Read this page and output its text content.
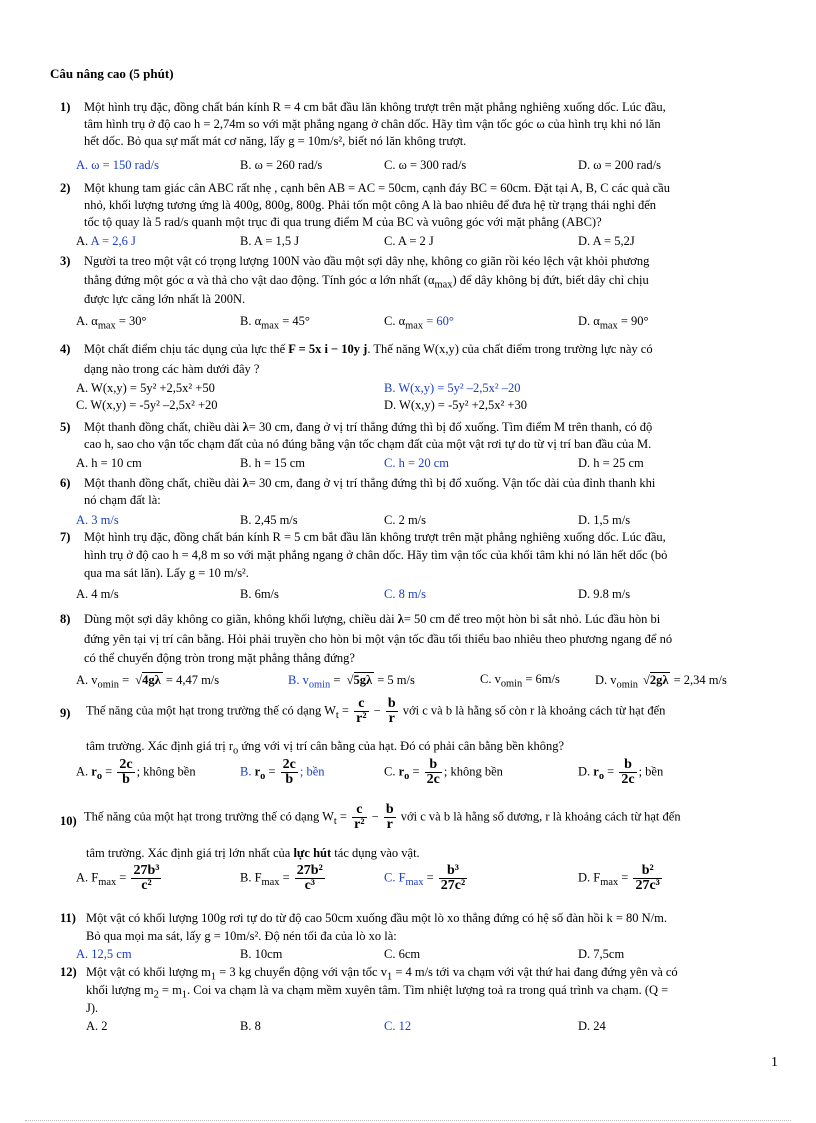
Câu nâng cao (5 phút)
1) Một hình trụ đặc, đồng chất bán kính R = 4 cm bắt đầu lăn không trượt trên mặt phẳng nghiêng xuống dốc. Lúc đầu,
tâm hình trụ ở độ cao h = 2,74m so với mặt phẳng ngang ở chân dốc. Hãy tìm vận tốc góc ω của hình trụ khi nó lăn
hết dốc. Bỏ qua sự mất mát cơ năng, lấy g = 10m/s², biết nó lăn không trượt.
A. ω = 150 rad/s	B. ω = 260 rad/s	C. ω = 300 rad/s	D. ω = 200 rad/s
2) Một khung tam giác cân ABC rất nhẹ , cạnh bên AB = AC = 50cm, cạnh đáy BC = 60cm. Đặt tại A, B, C các quả cầu
nhỏ, khối lượng tương ứng là 400g, 800g, 800g. Phải tốn một công A là bao nhiêu để đưa hệ từ trạng thái nghỉ đến
tốc tộ quay là 5 rad/s quanh một trục đi qua trung điểm M của BC và vuông góc với mặt phẳng (ABC)?
A. A = 2,6 J	B. A = 1,5 J	C. A = 2 J	D. A = 5,2J
3) Người ta treo một vật có trọng lượng 100N vào đầu một sợi dây nhẹ, không co giãn rồi kéo lệch vật khỏi phương
thẳng đứng một góc α và thả cho vật dao động. Tính góc α lớn nhất $(\alpha_{max})$ để dây không bị đứt, biết dây chỉ chịu
được lực căng lớn nhất là 200N.
A. $\alpha_{max} = 30^\circ$	B. $\alpha_{max} = 45^\circ$	C. $\alpha_{max} = 60^\circ$	D. $\alpha_{max} = 90^\circ$
4) Một chất điểm chịu tác dụng của lực thế F = 5x i − 10y j. Thế năng W(x,y) của chất điểm trong trường lực này có
dạng nào trong các hàm dưới đây ?
A. W(x,y) = 5y² +2,5x² +50	B. W(x,y) = 5y² –2,5x² –20
C. W(x,y) = -5y² –2,5x² +20	D. W(x,y) = -5y² +2,5x² +30
5) Một thanh đồng chất, chiều dài λ= 30 cm, đang ở vị trí thẳng đứng thì bị đổ xuống. Tìm điểm M trên thanh, có độ
cao h, sao cho vận tốc chạm đất của nó đúng bằng vận tốc chạm đất của một vật rơi tự do từ vị trí ban đầu của M.
A. h = 10 cm	B. h = 15 cm	C. h = 20 cm	D. h = 25 cm
6) Một thanh đồng chất, chiều dài λ= 30 cm, đang ở vị trí thẳng đứng thì bị đổ xuống. Vận tốc dài của đỉnh thanh khi
nó chạm đất là:
A. 3 m/s	B. 2,45 m/s	C. 2 m/s	D. 1,5 m/s
7) Một hình trụ đặc, đồng chất bán kính R = 5 cm bắt đầu lăn không trượt trên mặt phẳng nghiêng xuống dốc. Lúc đầu,
hình trụ ở độ cao h = 4,8 m so với mặt phẳng ngang ở chân dốc. Hãy tìm vận tốc của khối tâm khi nó lăn hết dốc (bỏ
qua ma sát lăn). Lấy g = 10 m/s².
A. 4 m/s	B. 6m/s	C. 8 m/s	D. 9.8 m/s
8) Dùng một sợi dây không co giãn, không khối lượng, chiều dài λ= 50 cm để treo một hòn bi sắt nhỏ. Lúc đầu hòn bi
đứng yên tại vị trí cân bằng. Hỏi phải truyền cho hòn bi một vận tốc đầu tối thiểu bao nhiêu theo phương ngang để nó
có thể chuyển động tròn trong mặt phẳng thẳng đứng?
A. $v_{omin}$ = √ 4gλ = 4,47 m/s	B. $v_{omin}$ = √ 5gλ = 5 m/s	C. $v_{omin} = 6m/s$	D. $v_{omin}√$ 2gλ = 2,34 m/s
9) Thế năng của một hạt trong trường thế có dạng $W_t = \frac{c}{\text{r²}} - \frac{b}{r}$ với c và b là hằng số còn r là khoảng cách từ hạt đến
tâm trường. Xác định giá trị $r_o$ ứng với vị trí cân bằng của hạt. Đó có phải cân bằng bền không?
A. $r_o = \frac{2c}{b}$ ; không bền	B. $r_o = \frac{2c}{b}$ ; bền	C. $r_o = \frac{b}{2c}$ ; không bền	D. $r_o = \frac{b}{2c}$ ; bền
10) Thế năng của một hạt trong trường thế có dạng $W_t = \frac{c}{\text{r²}} - \frac{b}{r}$ với c và b là hằng số dương, r là khoảng cách từ hạt đến
tâm trường. Xác định giá trị lớn nhất của lực hút tác dụng vào vật.
A. $F_{max} = \frac{\text{27b³}}{\text{c²}}$	B. $F_{max} = \frac{\text{27b²}}{\text{c³}}$	C. $F_{max} = \frac{\text{b³}}{\text{27c²}}$	D. $F_{max} = \frac{\text{b²}}{\text{27c³}}$
11) Một vật có khối lượng 100g rơi tự do từ độ cao 50cm xuống đầu một lò xo thẳng đứng có hệ số đàn hồi k = 80 N/m.
Bỏ qua mọi ma sát, lấy g = 10m/s². Độ nén tối đa của lò xo là:
A. 12,5 cm	B. 10cm	C. 6cm	D. 7,5cm
12) Một vật có khối lượng $m_1 = 3$ kg chuyển động với vận tốc $v_1 = 4$ m/s tới va chạm với vật thứ hai đang đứng yên và có
khối lượng $m_2 = m_1$. Coi va chạm là va chạm mềm xuyên tâm. Tìm nhiệt lượng toả ra trong quá trình va chạm. (Q =
J).
A. 2	B. 8	C. 12	D. 24
1
